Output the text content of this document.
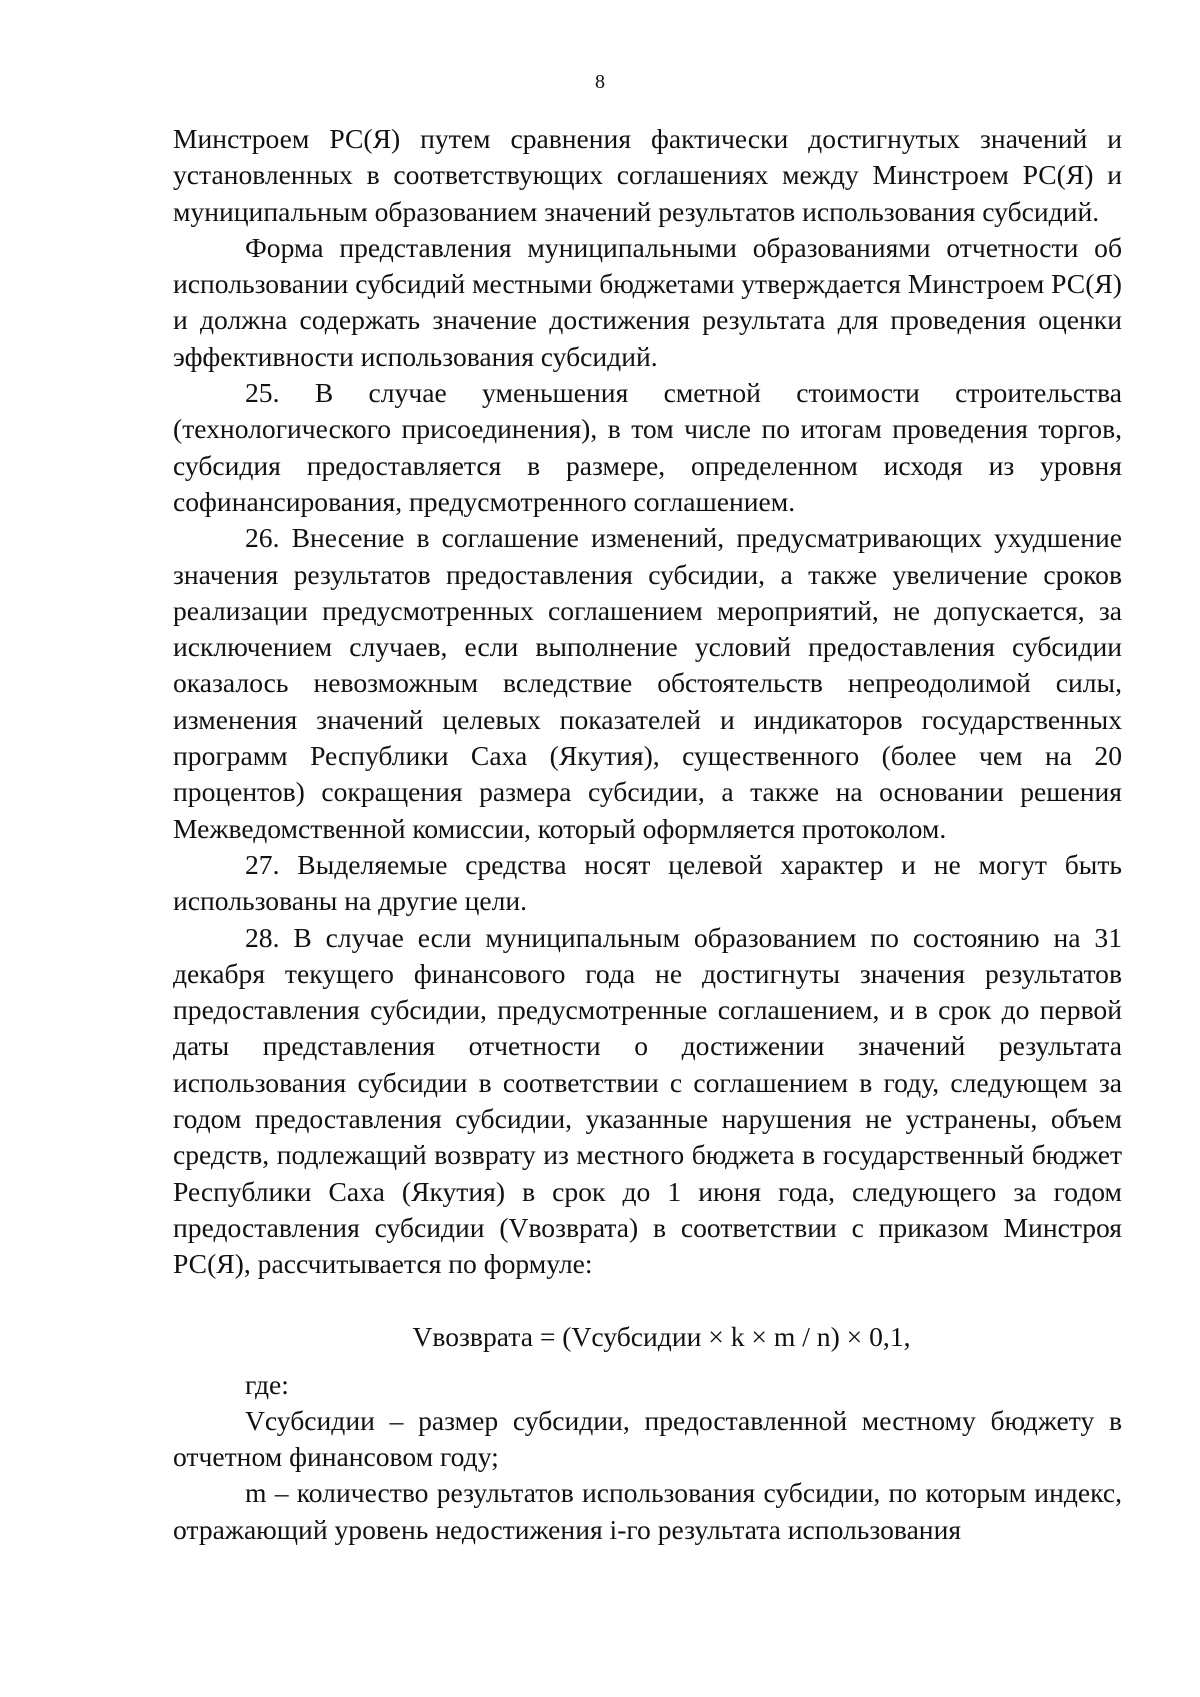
8

Минстроем РС(Я) путем сравнения фактически достигнутых значений и установленных в соответствующих соглашениях между Минстроем РС(Я) и муниципальным образованием значений результатов использования субсидий.

Форма представления муниципальными образованиями отчетности об использовании субсидий местными бюджетами утверждается Минстроем РС(Я) и должна содержать значение достижения результата для проведения оценки эффективности использования субсидий.

25. В случае уменьшения сметной стоимости строительства (технологического присоединения), в том числе по итогам проведения торгов, субсидия предоставляется в размере, определенном исходя из уровня софинансирования, предусмотренного соглашением.

26. Внесение в соглашение изменений, предусматривающих ухудшение значения результатов предоставления субсидии, а также увеличение сроков реализации предусмотренных соглашением мероприятий, не допускается, за исключением случаев, если выполнение условий предоставления субсидии оказалось невозможным вследствие обстоятельств непреодолимой силы, изменения значений целевых показателей и индикаторов государственных программ Республики Саха (Якутия), существенного (более чем на 20 процентов) сокращения размера субсидии, а также на основании решения Межведомственной комиссии, который оформляется протоколом.

27. Выделяемые средства носят целевой характер и не могут быть использованы на другие цели.

28. В случае если муниципальным образованием по состоянию на 31 декабря текущего финансового года не достигнуты значения результатов предоставления субсидии, предусмотренные соглашением, и в срок до первой даты представления отчетности о достижении значений результата использования субсидии в соответствии с соглашением в году, следующем за годом предоставления субсидии, указанные нарушения не устранены, объем средств, подлежащий возврату из местного бюджета в государственный бюджет Республики Саха (Якутия) в срок до 1 июня года, следующего за годом предоставления субсидии (Vвозврата) в соответствии с приказом Минстроя РС(Я), рассчитывается по формуле:

Vвозврата = (Vсубсидии × k × m / n) × 0,1,

где:

Vсубсидии – размер субсидии, предоставленной местному бюджету в отчетном финансовом году;

m – количество результатов использования субсидии, по которым индекс, отражающий уровень недостижения i-го результата использования
